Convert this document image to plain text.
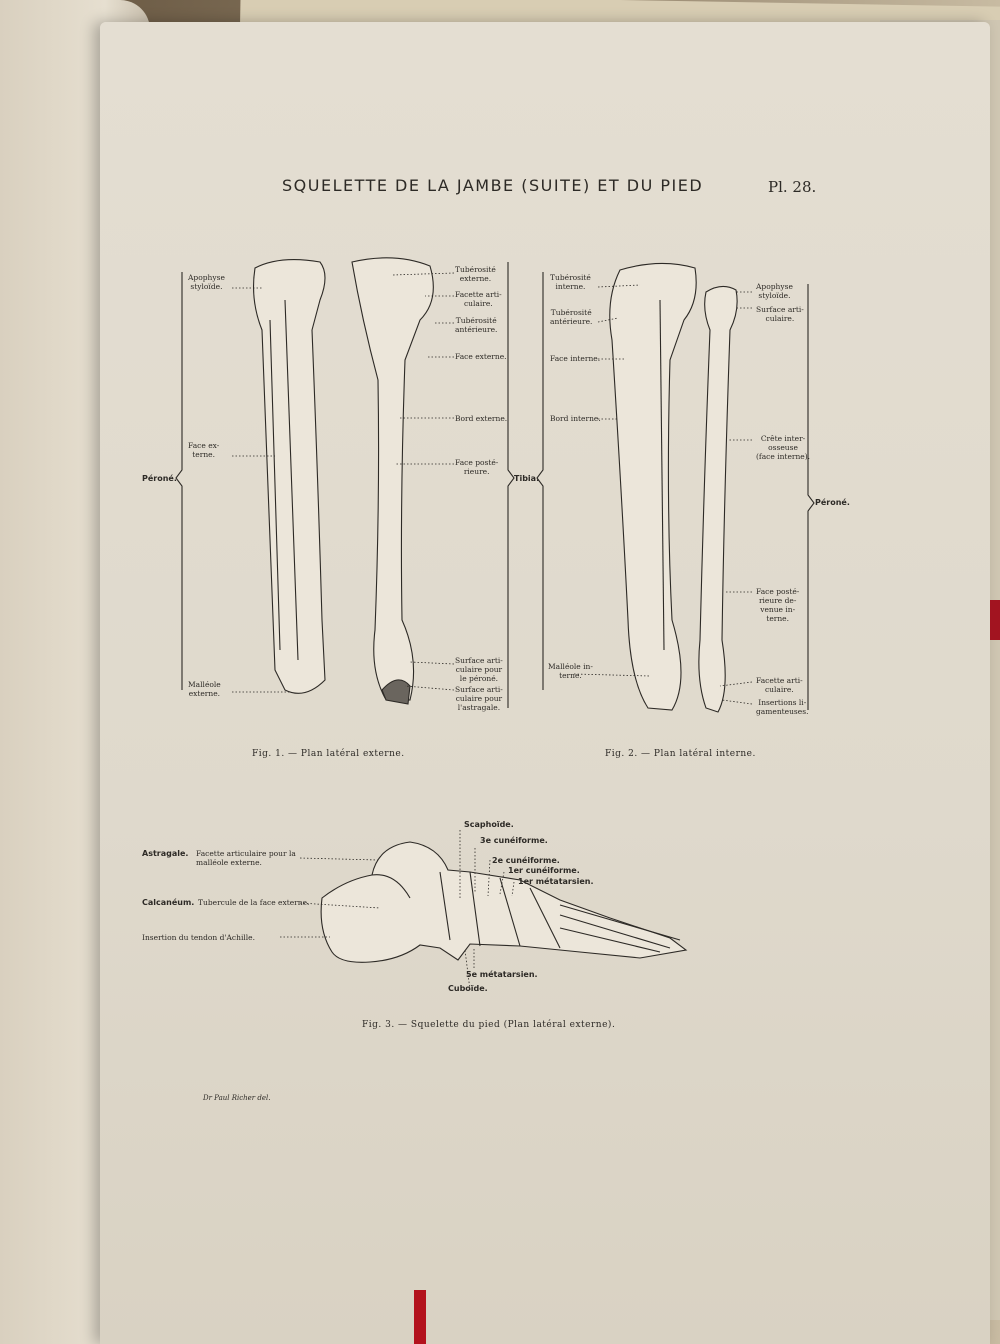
SQUELETTE DE LA JAMBE (SUITE) ET DU PIED	Pl. 28.
Apophyse
styloïde.
Face ex-
terne.
Péroné.
Malléole
externe.
Tubérosité
externe.
Facette arti-
culaire.
Tubérosité
antérieure.
Face externe.
Bord externe.
Face posté-
rieure.
Surface arti-
culaire pour
le péroné.
Surface arti-
culaire pour
l'astragale.
Tibia.
Fig. 1. — Plan latéral externe.
Tubérosité
interne.
Tubérosité
antérieure.
Face interne.
Bord interne.
Malléole in-
terne.
Apophyse
styloïde.
Surface arti-
culaire.
Crête inter-
osseuse
(face interne).
Péroné.
Face posté-
rieure de-
venue in-
terne.
Facette arti-
culaire.
Insertions li-
gamenteuses.
Fig. 2. — Plan latéral interne.
Scaphoïde.
3e cunéiforme.
2e cunéiforme.
1er cunéiforme.
1er métatarsien.
Astragale. Facette articulaire pour la
malléole externe.
Calcanéum. Tubercule de la face externe.
Insertion du tendon d'Achille.
5e métatarsien.
Cuboïde.
Fig. 3. — Squelette du pied (Plan latéral externe).
Dr Paul Richer del.
